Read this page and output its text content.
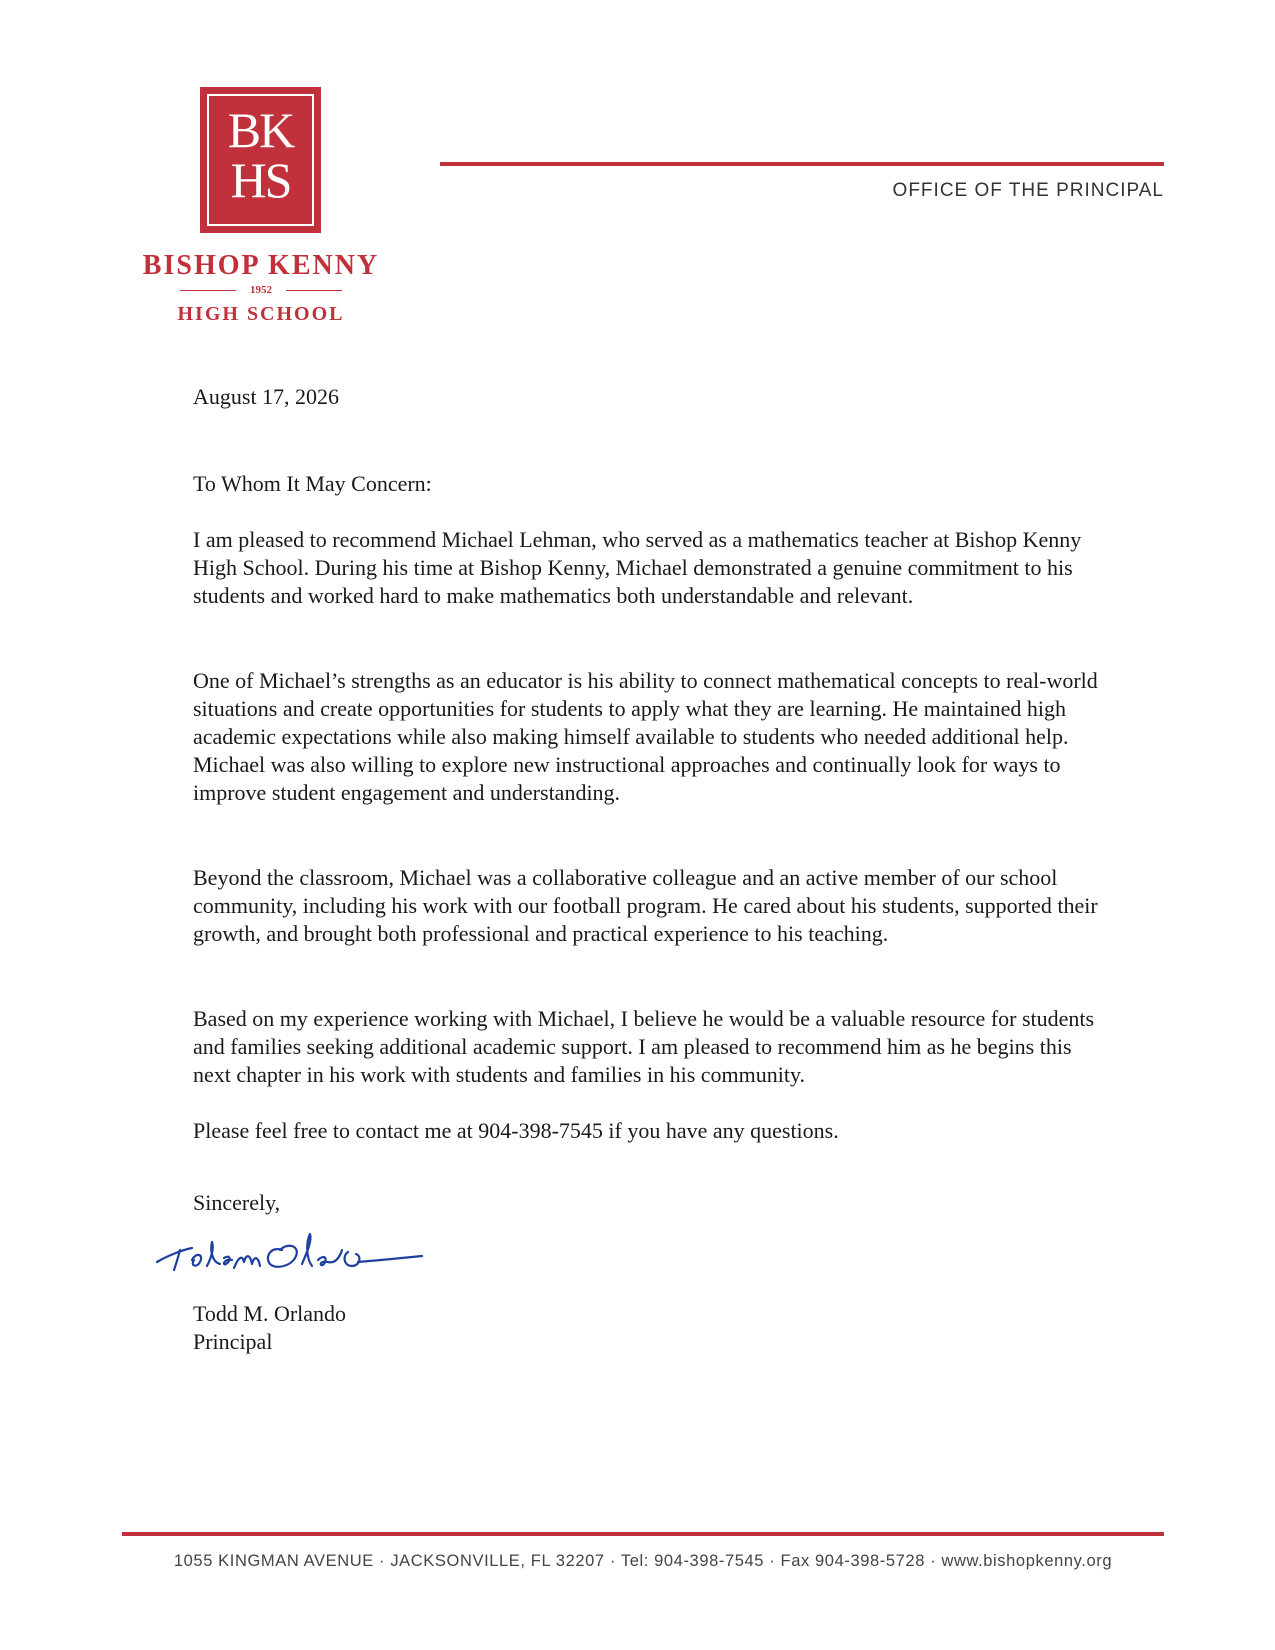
BK
HS
BISHOP KENNY
1952
HIGH SCHOOL
OFFICE OF THE PRINCIPAL
August 17, 2026
To Whom It May Concern:
I am pleased to recommend Michael Lehman, who served as a mathematics teacher at Bishop Kenny High School. During his time at Bishop Kenny, Michael demonstrated a genuine commitment to his students and worked hard to make mathematics both understandable and relevant.
One of Michael’s strengths as an educator is his ability to connect mathematical concepts to real-world situations and create opportunities for students to apply what they are learning. He maintained high academic expectations while also making himself available to students who needed additional help. Michael was also willing to explore new instructional approaches and continually look for ways to improve student engagement and understanding.
Beyond the classroom, Michael was a collaborative colleague and an active member of our school community, including his work with our football program. He cared about his students, supported their growth, and brought both professional and practical experience to his teaching.
Based on my experience working with Michael, I believe he would be a valuable resource for students and families seeking additional academic support. I am pleased to recommend him as he begins this next chapter in his work with students and families in his community.
Please feel free to contact me at 904-398-7545 if you have any questions.
Sincerely,
Todd M. Orlando
Principal
1055 KINGMAN AVENUE · JACKSONVILLE, FL 32207 · Tel: 904-398-7545 · Fax 904-398-5728 · www.bishopkenny.org
